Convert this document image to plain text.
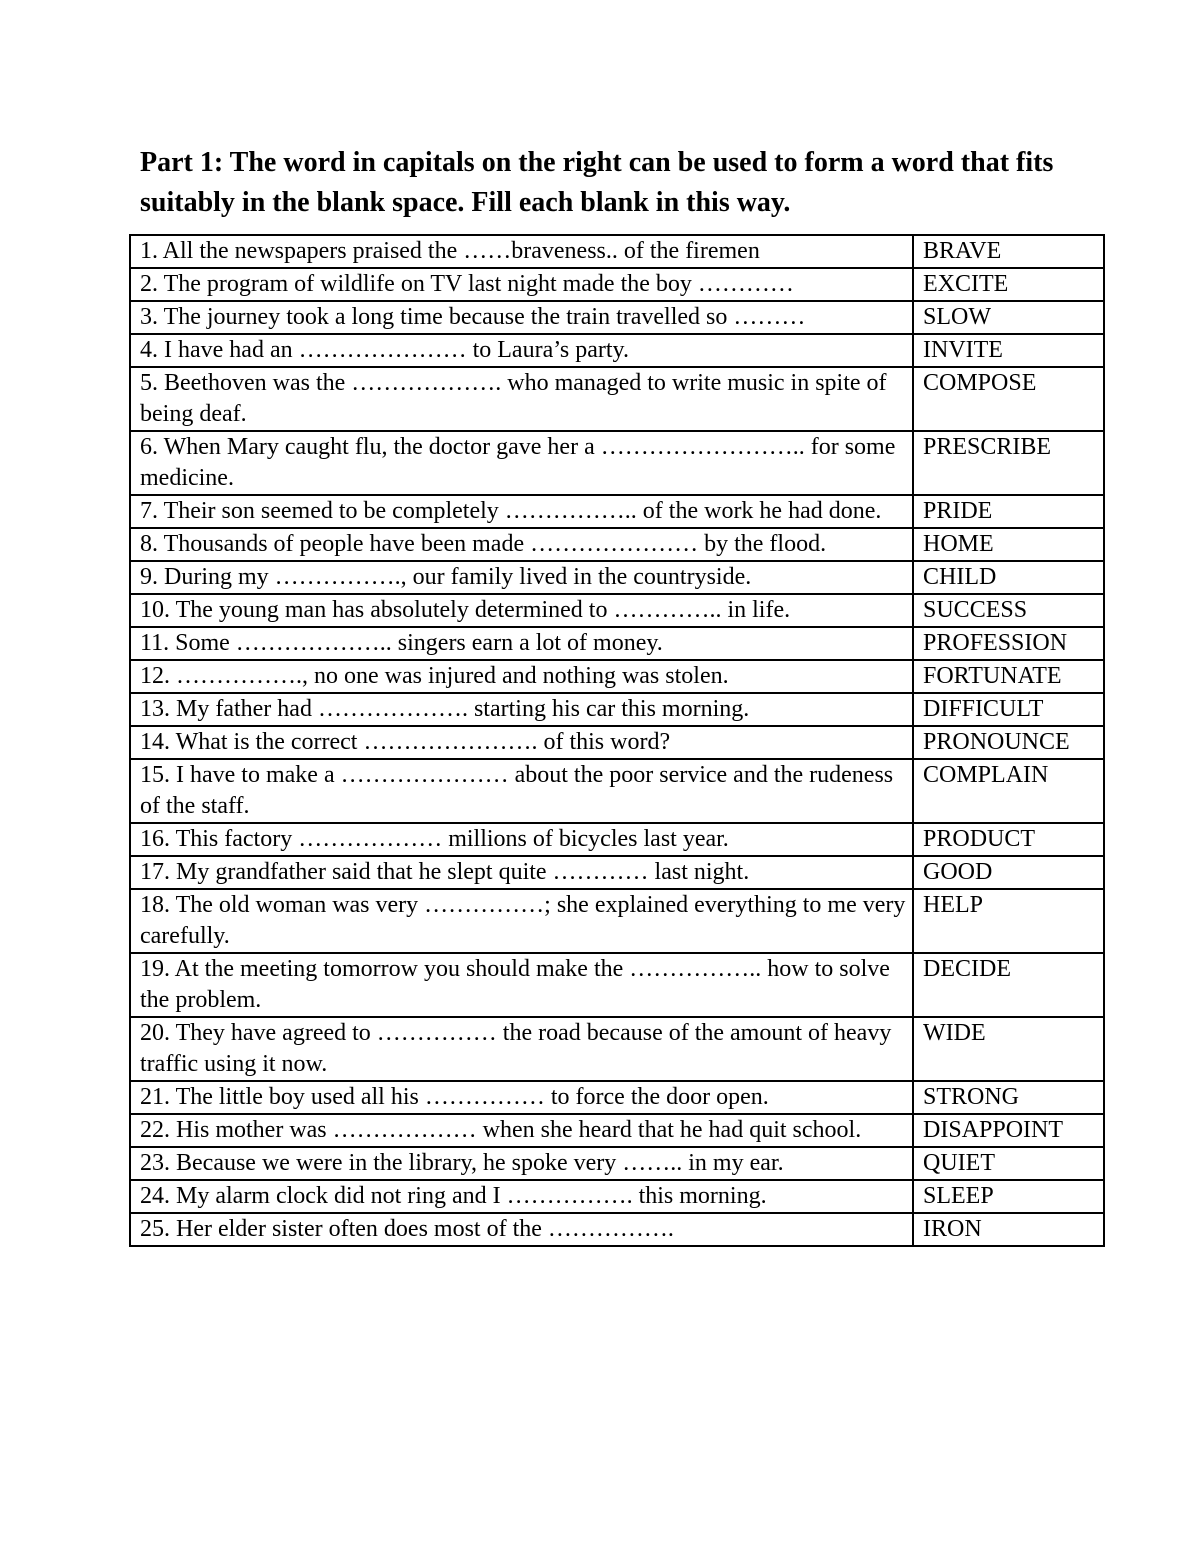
Part 1: The word in capitals on the right can be used to form a word that fits suitably in the blank space. Fill each blank in this way.
1. All the newspapers praised the ……braveness.. of the firemen	BRAVE
2. The program of wildlife on TV last night made the boy …………	EXCITE
3. The journey took a long time because the train travelled so ………	SLOW
4. I have had an ………………… to Laura’s party.	INVITE
5. Beethoven was the ………………. who managed to write music in spite of being deaf.	COMPOSE
6. When Mary caught flu, the doctor gave her a …………………….. for some medicine.	PRESCRIBE
7. Their son seemed to be completely …………….. of the work he had done.	PRIDE
8. Thousands of people have been made ………………… by the flood.	HOME
9. During my ……………., our family lived in the countryside.	CHILD
10. The young man has absolutely determined to ………….. in life.	SUCCESS
11. Some ……………….. singers earn a lot of money.	PROFESSION
12. ……………., no one was injured and nothing was stolen.	FORTUNATE
13. My father had ………………. starting his car this morning.	DIFFICULT
14. What is the correct …………………. of this word?	PRONOUNCE
15. I have to make a ………………… about the poor service and the rudeness of the staff.	COMPLAIN
16. This factory ……………… millions of bicycles last year.	PRODUCT
17. My grandfather said that he slept quite ………… last night.	GOOD
18. The old woman was very ……………; she explained everything to me very carefully.	HELP
19. At the meeting tomorrow you should make the …………….. how to solve the problem.	DECIDE
20. They have agreed to …………… the road because of the amount of heavy traffic using it now.	WIDE
21. The little boy used all his …………… to force the door open.	STRONG
22. His mother was ……………… when she heard that he had quit school.	DISAPPOINT
23. Because we were in the library, he spoke very …….. in my ear.	QUIET
24. My alarm clock did not ring and I ……………. this morning.	SLEEP
25. Her elder sister often does most of the …………….	IRON
